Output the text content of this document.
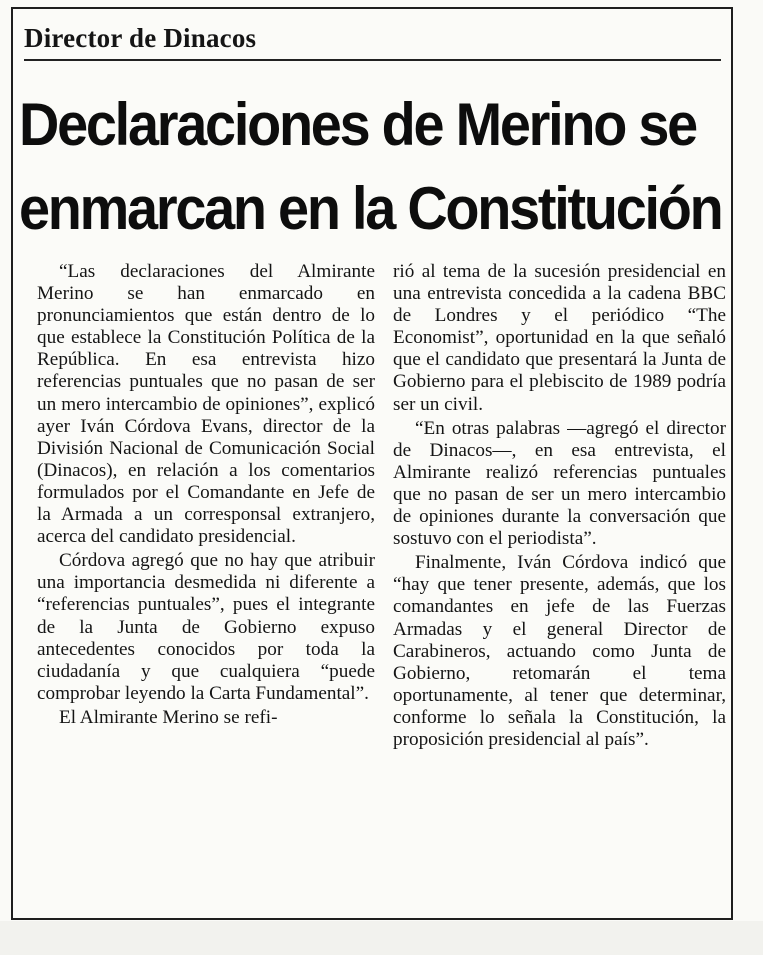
Director de Dinacos
Declaraciones de Merino se
enmarcan en la Constitución

“Las declaraciones del Almirante Merino se han enmarcado en pronunciamientos que están dentro de lo que establece la Constitución Política de la República. En esa entrevista hizo referencias puntuales que no pasan de ser un mero intercambio de opiniones”, explicó ayer Iván Córdova Evans, director de la División Nacional de Comunicación Social (Dinacos), en relación a los comentarios formulados por el Comandante en Jefe de la Armada a un corresponsal extranjero, acerca del candidato presidencial.

Córdova agregó que no hay que atribuir una importancia desmedida ni diferente a “referencias puntuales”, pues el integrante de la Junta de Gobierno expuso antecedentes conocidos por toda la ciudadanía y que cualquiera “puede comprobar leyendo la Carta Fundamental”.

El Almirante Merino se refi-

rió al tema de la sucesión presidencial en una entrevista concedida a la cadena BBC de Londres y el periódico “The Economist”, oportunidad en la que señaló que el candidato que presentará la Junta de Gobierno para el plebiscito de 1989 podría ser un civil.

“En otras palabras —agregó el director de Dinacos—, en esa entrevista, el Almirante realizó referencias puntuales que no pasan de ser un mero intercambio de opiniones durante la conversación que sostuvo con el periodista”.

Finalmente, Iván Córdova indicó que “hay que tener presente, además, que los comandantes en jefe de las Fuerzas Armadas y el general Director de Carabineros, actuando como Junta de Gobierno, retomarán el tema oportunamente, al tener que determinar, conforme lo señala la Constitución, la proposición presidencial al país”.
